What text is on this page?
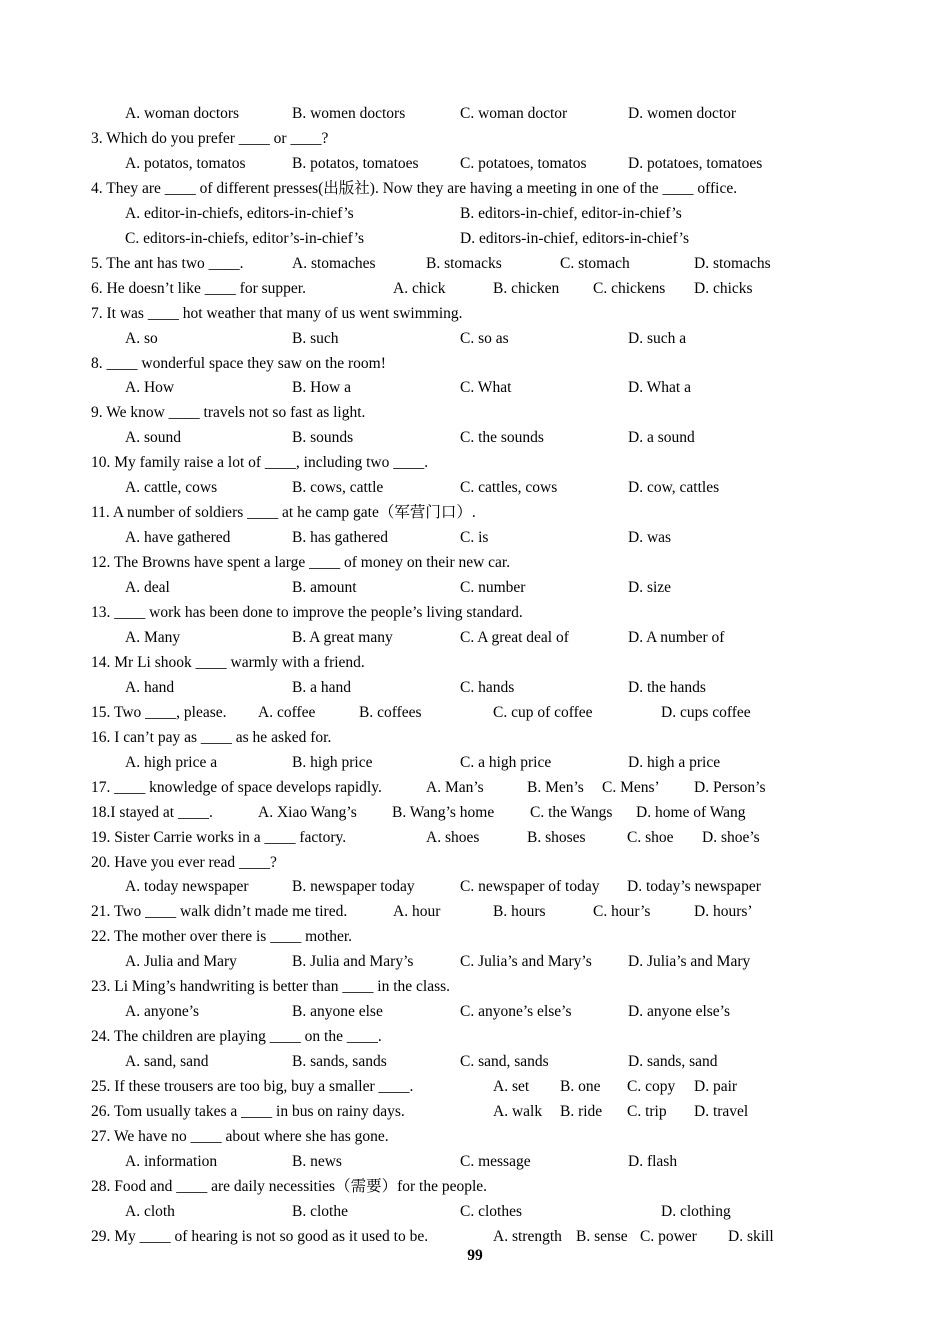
A. woman doctors	B. women doctors	C. woman doctor	D. women doctor
3. Which do you prefer ____ or ____?
A. potatos, tomatos	B. potatos, tomatoes	C. potatoes, tomatos	D. potatoes, tomatoes
4. They are ____ of different presses(出版社). Now they are having a meeting in one of the ____ office.
A. editor-in-chiefs, editors-in-chief’s	B. editors-in-chief, editor-in-chief’s
C. editors-in-chiefs, editor’s-in-chief’s	D. editors-in-chief, editors-in-chief’s
5. The ant has two ____.	A. stomaches	B. stomacks	C. stomach	D. stomachs
6. He doesn’t like ____ for supper.	A. chick	B. chicken C. chickens D. chicks
7. It was ____ hot weather that many of us went swimming.
A. so	B. such	C. so as	D. such a
8. ____ wonderful space they saw on the room!
A. How	B. How a	C. What	D. What a
9. We know ____ travels not so fast as light.
A. sound	B. sounds	C. the sounds	D. a sound
10. My family raise a lot of ____, including two ____.
A. cattle, cows	B. cows, cattle	C. cattles, cows	D. cow, cattles
11. A number of soldiers ____ at he camp gate（军营门口）.
A. have gathered	B. has gathered	C. is	D. was
12. The Browns have spent a large ____ of money on their new car.
A. deal	B. amount	C. number	D. size
13. ____ work has been done to improve the people’s living standard.
A. Many	B. A great many	C. A great deal of	D. A number of
14. Mr Li shook ____ warmly with a friend.
A. hand	B. a hand	C. hands	D. the hands
15. Two ____, please. A. coffee	B. coffees	C. cup of coffee	D. cups coffee
16. I can’t pay as ____ as he asked for.
A. high price a	B. high price	C. a high price	D. high a price
17. ____ knowledge of space develops rapidly.	A. Man’s	B. Men’s C. Mens’ D. Person’s
18.I stayed at ____.	A. Xiao Wang’s B. Wang’s home C. the Wangs D. home of Wang
19. Sister Carrie works in a ____ factory.	A. shoes	B. shoses	C. shoe D. shoe’s
20. Have you ever read ____?
A. today newspaper	B. newspaper today	C. newspaper of today D. today’s newspaper
21. Two ____ walk didn’t made me tired.	A. hour	B. hours	C. hour’s	D. hours’
22. The mother over there is ____ mother.
A. Julia and Mary	B. Julia and Mary’s	C. Julia’s and Mary’s D. Julia’s and Mary
23. Li Ming’s handwriting is better than ____ in the class.
A. anyone’s	B. anyone else	C. anyone’s else’s	D. anyone else’s
24. The children are playing ____ on the ____.
A. sand, sand	B. sands, sands	C. sand, sands	D. sands, sand
25. If these trousers are too big, buy a smaller ____.	A. set B. one C. copy D. pair
26. Tom usually takes a ____ in bus on rainy days.	A. walk B. ride C. trip D. travel
27. We have no ____ about where she has gone.
A. information	B. news	C. message	D. flash
28. Food and ____ are daily necessities（需要）for the people.
A. cloth	B. clothe	C. clothes	D. clothing
29. My ____ of hearing is not so good as it used to be.	A. strength B. sense C. power D. skill
99
